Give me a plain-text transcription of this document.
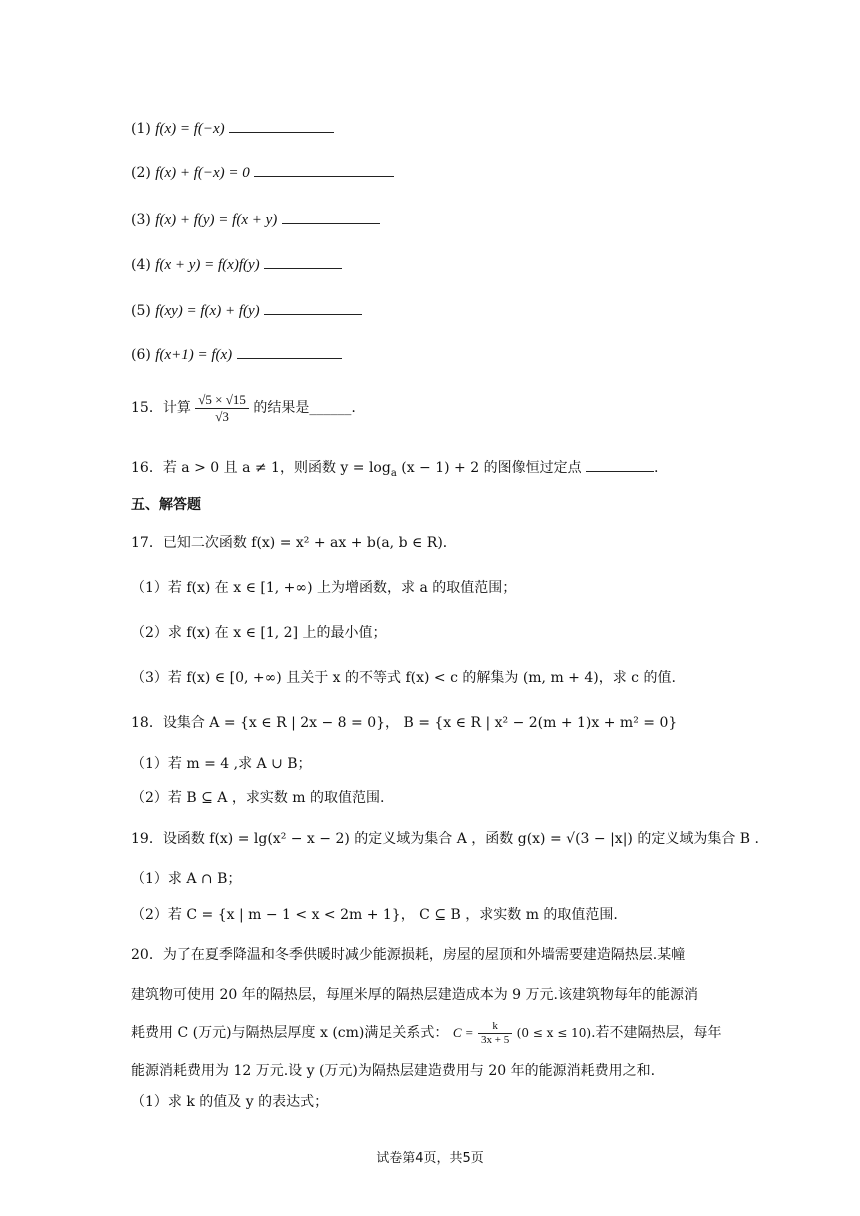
(1) f(x) = f(−x)
(2) f(x) + f(−x) = 0
(3) f(x) + f(y) = f(x + y)
(4) f(x + y) = f(x)f(y)
(5) f(xy) = f(x) + f(y)
(6) f(x+1) = f(x)
15．计算 $\frac{√5 \times √15}{√3}$ 的结果是______.
16．若 a > 0 且 a ≠ 1，则函数 $y = \log_a (x - 1) + 2$ 的图像恒过定点	.
五、解答题
17．已知二次函数 f(x) = x² + ax + b(a, b ∈ R)．
（1）若 f(x) 在 x ∈ [1, +∞) 上为增函数，求 a 的取值范围；
（2）求 f(x) 在 x ∈ [1, 2] 上的最小值；
（3）若 f(x) ∈ [0, +∞) 且关于 x 的不等式 f(x) < c 的解集为 (m, m + 4)，求 c 的值.
18．设集合 A = {x ∈ R | 2x − 8 = 0}， B = {x ∈ R | x² − 2(m + 1)x + m² = 0}
（1）若 m = 4 ,求 A ∪ B；
（2）若 B ⊆ A ，求实数 m 的取值范围.
19．设函数 f(x) = lg(x² − x − 2) 的定义域为集合 A ，函数 g(x) = √(3 − |x|) 的定义域为集合 B .
（1）求 A ∩ B；
（2）若 C = {x | m − 1 < x < 2m + 1}， C ⊆ B ，求实数 m 的取值范围.
20．为了在夏季降温和冬季供暖时减少能源损耗，房屋的屋顶和外墙需要建造隔热层.某幢
建筑物可使用 20 年的隔热层，每厘米厚的隔热层建造成本为 9 万元.该建筑物每年的能源消
耗费用 C (万元)与隔热层厚度 x (cm)满足关系式： $C = \frac{k}{3x + 5} (0 \le x \le 10)$.若不建隔热层，每年
能源消耗费用为 12 万元.设 y (万元)为隔热层建造费用与 20 年的能源消耗费用之和.
（1）求 k 的值及 y 的表达式；
试卷第4页，共5页
